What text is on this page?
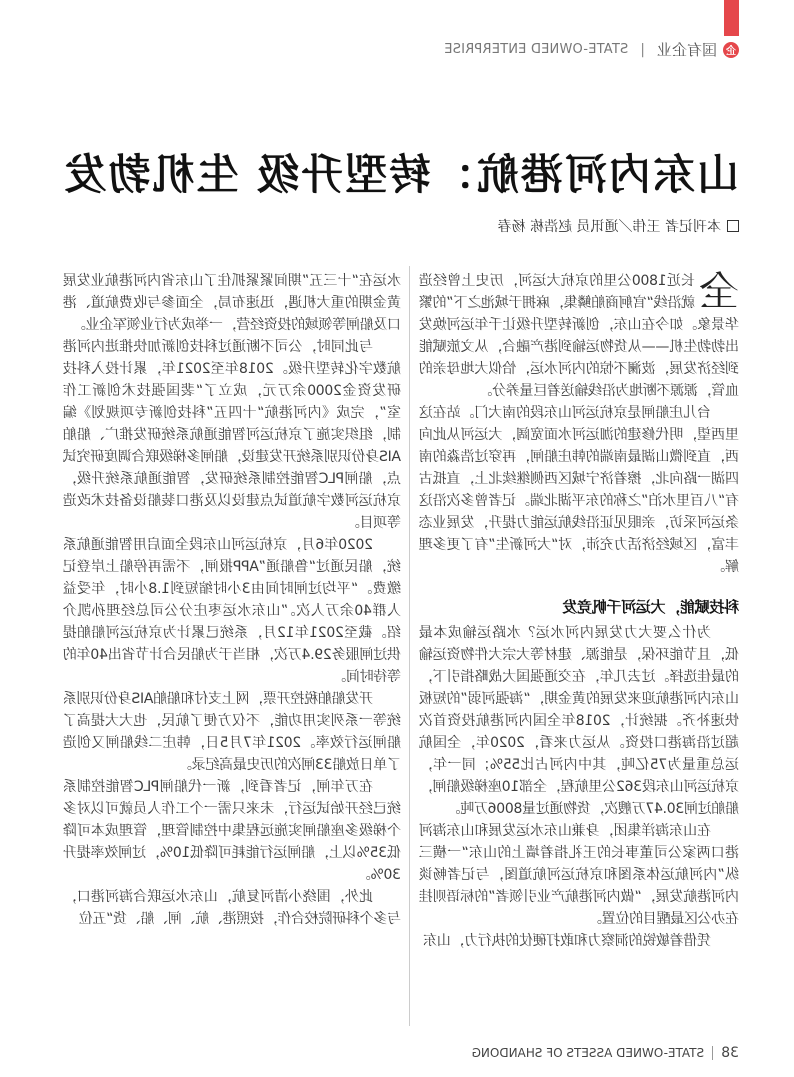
企
国有企业
|
STATE-OWNED ENTERPRISE
山东内河港航：转型升级 生机勃发
本刊记者 王伟／通讯员 赵浩栋 杨春

全
长近1800公里的京杭大运河，历史上曾经造就沿线“官舸商舶鳞集，麻拥于城池之下”的繁华景象。如今在山东，创新转型升级让千年运河焕发出勃勃生机——从货物运输到港产融合，从文旅赋能到经济发展，波澜不惊的内河水运，恰似大地母亲的血管，源源不断地为沿线输送着巨量养分。

台儿庄船闸是京杭运河山东段的南大门。站在这里西望，明代修建的泇运河水面宽阔，大运河从此向西，直到微山湖最南端的韩庄船闸，再穿过浩淼的南四湖一路向北，擦着济宁城区西侧继续北上，直抵古有“八百里水泊”之称的东平湖北端。记者曾多次沿这条运河采访，亲眼见证沿线航运能力提升，发展业态丰富，区域经济活力充沛，对“大河新生”有了更多理解。

科技赋能，大运河千帆竞发

为什么要大力发展内河水运？水路运输成本最低，且节能环保，是能源、建材等大宗大件物资运输的最佳选择。过去几年，在交通强国大战略指引下，山东内河港航迎来发展的黄金期，“海强河弱”的短板快速补齐。据统计，2018年全国内河港航投资首次超过沿海港口投资。从运力来看，2020年，全国航运总重量为75亿吨，其中内河占比55%；同一年，京杭运河山东段362公里航程，全部10座梯级船闸，船舶过闸30.47万艘次，货物通过量8006万吨。

在山东海洋集团，身兼山东水运发展和山东海河港口两家公司董事长的王礼指着墙上的山东“一横三纵”内河航运体系图和京杭运河航道图，与记者畅谈内河港航发展，“做内河港航产业引领者”的标语则挂在办公区最醒目的位置。

凭借着敏锐的洞察力和敢打硬仗的执行力，山东

水运在“十三五”期间紧紧抓住了山东省内河港航业发展黄金期的重大机遇，迅速布局，全面参与收费航道、港口及船闸等领域的投资经营，一举成为行业领军企业。

与此同时，公司不断通过科技创新加快推进内河港航数字化转型升级。2018年至2021年，累计投入科技研发资金2000余万元，成立了“裴国强技术创新工作室”，完成《内河港航“十四五”科技创新专项规划》编制，组织实施了京杭运河智能通航系统研发推广、船舶AIS身份识别系统开发建设，船闸多梯级联合调度研究试点，船闸PLC智能控制系统研发，智能通航系统升级，京杭运河数字航道试点建设以及港口装船设备技术改造等项目。

2020年6月，京杭运河山东段全面启用智能通航系统，船民通过“鲁船通”APP报闸，不需再停船上岸登记缴费。“平均过闸时间由3小时缩短到1.8小时，年受益人群40余万人次。”山东水运枣庄分公司总经理孙凯介绍。截至2021年12月，系统已累计为京杭运河船舶提供过闸服务29.4万次，相当于为船民合计节省出40年的等待时间。

开发船舶税控开票，网上支付和船舶AIS身份识别系统等一系列实用功能，不仅方便了航民，也大大提高了船闸运行效率。2021年7月5日，韩庄二线船闸又创造了单日放船33闸次的历史最高纪录。

在万年闸，记者看到，新一代船闸PLC智能控制系统已经开始试运行，未来只需一个工作人员就可以对多个梯级多座船闸实施远程集中控制管理，管理成本可降低35%以上，船闸运行能耗可降低10%，过闸效率提升30%。

此外，围绕小清河复航，山东水运联合海河港口，与多个科研院校合作，按照港、航、闸、船、货“五位

38
STATE-OWNED ASSETS OF SHANDONG
